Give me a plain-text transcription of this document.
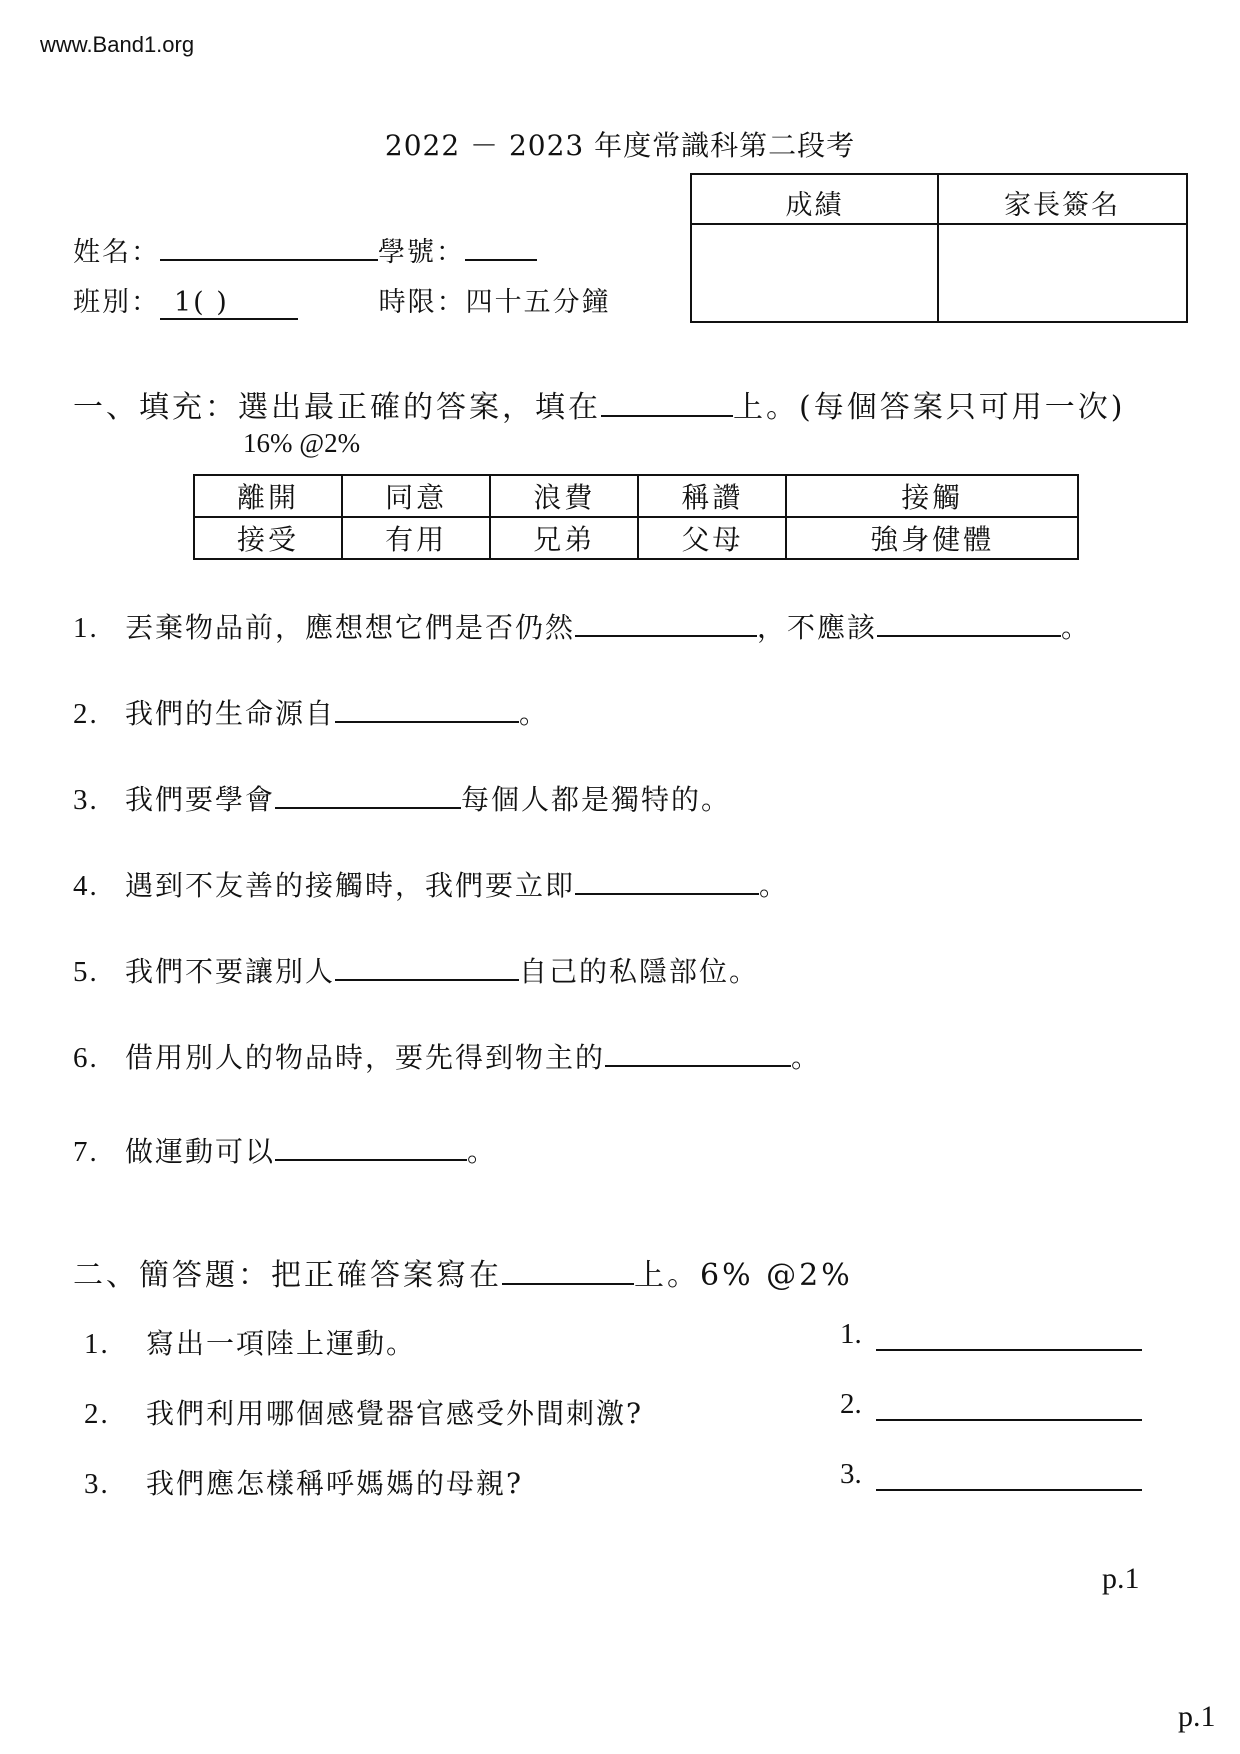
www.Band1.org
2022 － 2023 年度常識科第二段考
姓名：	學號：
班別： 1( )	時限：四十五分鐘
成績	家長簽名
一、填充：選出最正確的答案，填在	上。(每個答案只可用一次)
16% @2%
離開	同意	浪費	稱讚	接觸
接受	有用	兄弟	父母	強身健體
1. 丟棄物品前，應想想它們是否仍然	，不應該	。
2. 我們的生命源自	。
3. 我們要學會	每個人都是獨特的。
4. 遇到不友善的接觸時，我們要立即	。
5. 我們不要讓別人	自己的私隱部位。
6. 借用別人的物品時，要先得到物主的	。
7. 做運動可以	。
二、簡答題：把正確答案寫在	上。6% @2%
1. 寫出一項陸上運動。	1.
2. 我們利用哪個感覺器官感受外間刺激?	2.
3. 我們應怎樣稱呼媽媽的母親?	3.
p.1
p.1
